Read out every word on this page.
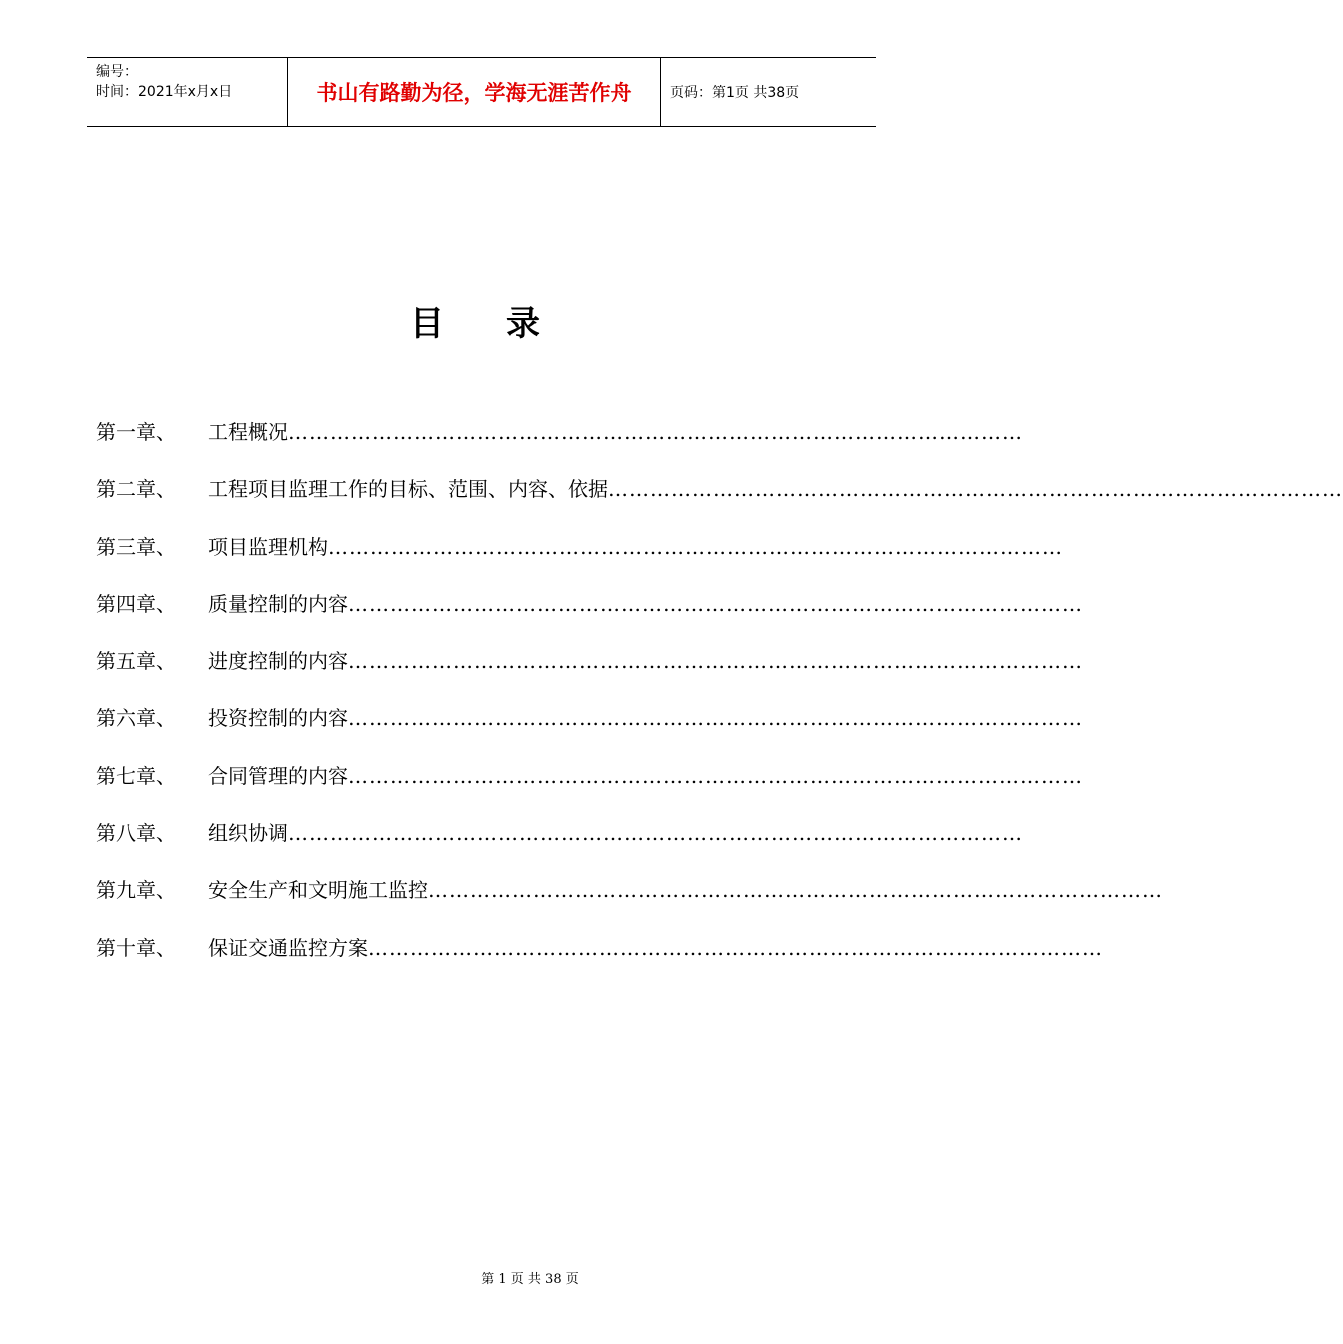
编号：
时间：2021年x月x日	书山有路勤为径，学海无涯苦作舟	页码：第1页 共38页
目 录
第一章、	工程概况 ……………………………………………………………………………………………
第二章、	工程项目监理工作的目标、范围、内容、依据 ……………………………………………………………………………………………
第三章、	项目监理机构 ……………………………………………………………………………………………
第四章、	质量控制的内容 ……………………………………………………………………………………………
第五章、	进度控制的内容 ……………………………………………………………………………………………
第六章、	投资控制的内容 ……………………………………………………………………………………………
第七章、	合同管理的内容 ……………………………………………………………………………………………
第八章、	组织协调 ……………………………………………………………………………………………
第九章、	安全生产和文明施工监控 ……………………………………………………………………………………………
第十章、	保证交通监控方案 ……………………………………………………………………………………………
第 1 页 共 38 页
